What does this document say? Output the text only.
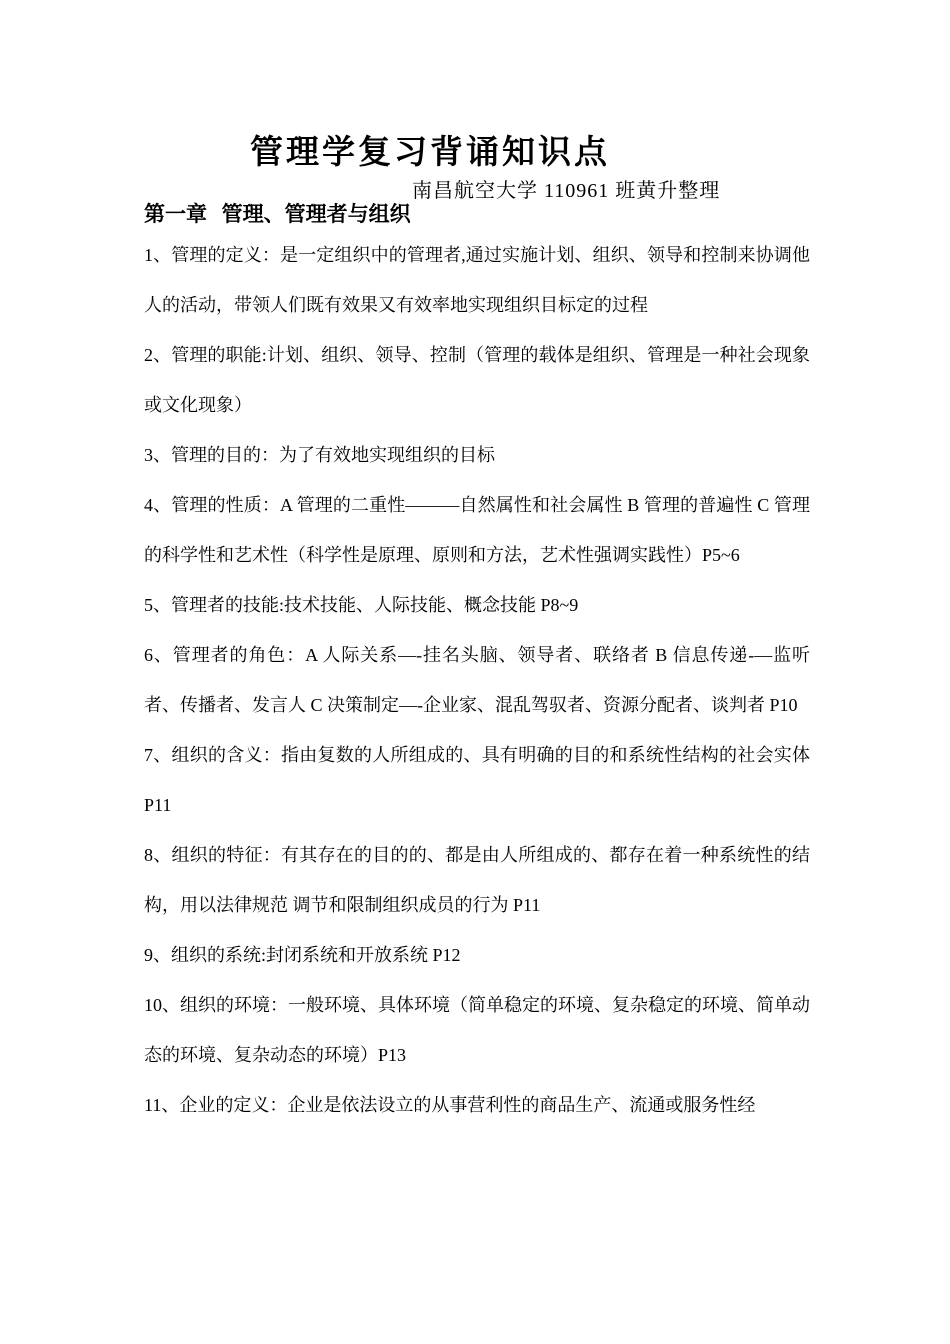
管理学复习背诵知识点
南昌航空大学 110961 班黄升整理
第一章  管理、管理者与组织

1、管理的定义：是一定组织中的管理者,通过实施计划、组织、领导和控制来协调他人的活动，带领人们既有效果又有效率地实现组织目标定的过程

2、管理的职能:计划、组织、领导、控制（管理的载体是组织、管理是一种社会现象或文化现象）

3、管理的目的：为了有效地实现组织的目标

4、管理的性质：A 管理的二重性———自然属性和社会属性 B 管理的普遍性 C 管理的科学性和艺术性（科学性是原理、原则和方法，艺术性强调实践性）P5~6

5、管理者的技能:技术技能、人际技能、概念技能 P8~9

6、管理者的角色：A 人际关系—-挂名头脑、领导者、联络者 B 信息传递-—监听者、传播者、发言人 C 决策制定—-企业家、混乱驾驭者、资源分配者、谈判者 P10

7、组织的含义：指由复数的人所组成的、具有明确的目的和系统性结构的社会实体 P11

8、组织的特征：有其存在的目的的、都是由人所组成的、都存在着一种系统性的结构，用以法律规范 调节和限制组织成员的行为 P11

9、组织的系统:封闭系统和开放系统 P12

10、组织的环境：一般环境、具体环境（简单稳定的环境、复杂稳定的环境、简单动态的环境、复杂动态的环境）P13

11、企业的定义：企业是依法设立的从事营利性的商品生产、流通或服务性经
